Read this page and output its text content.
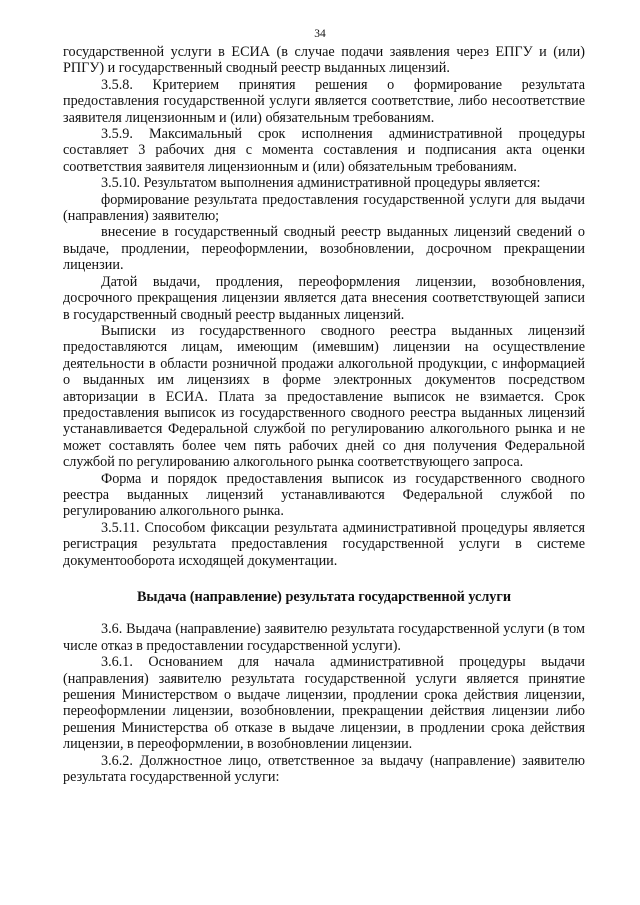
34

государственной услуги в ЕСИА (в случае подачи заявления через ЕПГУ и (или) РПГУ) и государственный сводный реестр выданных лицензий.

3.5.8. Критерием принятия решения о формирование результата предоставления государственной услуги является соответствие, либо несоответствие заявителя лицензионным и (или) обязательным требованиям.

3.5.9. Максимальный срок исполнения административной процедуры составляет 3 рабочих дня с момента составления и подписания акта оценки соответствия заявителя лицензионным и (или) обязательным требованиям.

3.5.10. Результатом выполнения административной процедуры является:

формирование результата предоставления государственной услуги для выдачи (направления) заявителю;

внесение в государственный сводный реестр выданных лицензий сведений о выдаче, продлении, переоформлении, возобновлении, досрочном прекращении лицензии.

Датой выдачи, продления, переоформления лицензии, возобновления, досрочного прекращения лицензии является дата внесения соответствующей записи в государственный сводный реестр выданных лицензий.

Выписки из государственного сводного реестра выданных лицензий предоставляются лицам, имеющим (имевшим) лицензии на осуществление деятельности в области розничной продажи алкогольной продукции, с информацией о выданных им лицензиях в форме электронных документов посредством авторизации в ЕСИА. Плата за предоставление выписок не взимается. Срок предоставления выписок из государственного сводного реестра выданных лицензий устанавливается Федеральной службой по регулированию алкогольного рынка и не может составлять более чем пять рабочих дней со дня получения Федеральной службой по регулированию алкогольного рынка соответствующего запроса.

Форма и порядок предоставления выписок из государственного сводного реестра выданных лицензий устанавливаются Федеральной службой по регулированию алкогольного рынка.

3.5.11. Способом фиксации результата административной процедуры является регистрация результата предоставления государственной услуги в системе документооборота исходящей документации.

Выдача (направление) результата государственной услуги

3.6. Выдача (направление) заявителю результата государственной услуги (в том числе отказ в предоставлении государственной услуги).

3.6.1. Основанием для начала административной процедуры выдачи (направления) заявителю результата государственной услуги является принятие решения Министерством о выдаче лицензии, продлении срока действия лицензии, переоформлении лицензии, возобновлении, прекращении действия лицензии либо решения Министерства об отказе в выдаче лицензии, в продлении срока действия лицензии, в переоформлении, в возобновлении лицензии.

3.6.2. Должностное лицо, ответственное за выдачу (направление) заявителю результата государственной услуги:
